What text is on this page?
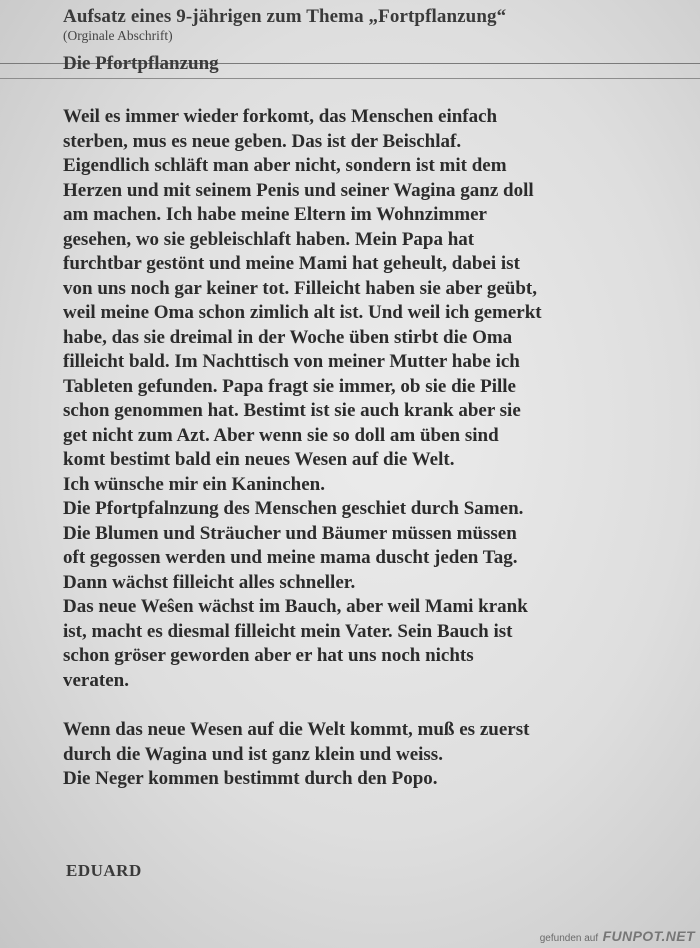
Aufsatz eines 9-jährigen zum Thema „Fortpflanzung“
(Orginale Abschrift)
Die Pfortpflanzung

Weil es immer wieder forkomt, das Menschen einfach

sterben, mus es neue geben. Das ist der Beischlaf.

Eigendlich schläft man aber nicht, sondern ist mit dem

Herzen und mit seinem Penis und seiner Wagina ganz doll

am machen. Ich habe meine Eltern im Wohnzimmer

gesehen, wo sie gebleischlaft haben. Mein Papa hat

furchtbar gestönt und meine Mami hat geheult, dabei ist

von uns noch gar keiner tot. Filleicht haben sie aber geübt,

weil meine Oma schon zimlich alt ist. Und weil ich gemerkt

habe, das sie dreimal in der Woche üben stirbt die Oma

filleicht bald. Im Nachttisch von meiner Mutter habe ich

Tableten gefunden. Papa fragt sie immer, ob sie die Pille

schon genommen hat. Bestimt ist sie auch krank aber sie

get nicht zum Azt. Aber wenn sie so doll am üben sind

komt bestimt bald ein neues Wesen auf die Welt.

Ich wünsche mir ein Kaninchen.

Die Pfortpfalnzung des Menschen geschiet durch Samen.

Die Blumen und Sträucher und Bäumer müssen müssen

oft gegossen werden und meine mama duscht jeden Tag.

Dann wächst filleicht alles schneller.

Das neue Weŝen wächst im Bauch, aber weil Mami krank

ist, macht es diesmal filleicht mein Vater. Sein Bauch ist

schon gröser geworden aber er hat uns noch nichts

veraten.

Wenn das neue Wesen auf die Welt kommt, muß es zuerst

durch die Wagina und ist ganz klein und weiss.

Die Neger kommen bestimmt durch den Popo.

EDUARD
gefunden auf FUNPOT.NET
